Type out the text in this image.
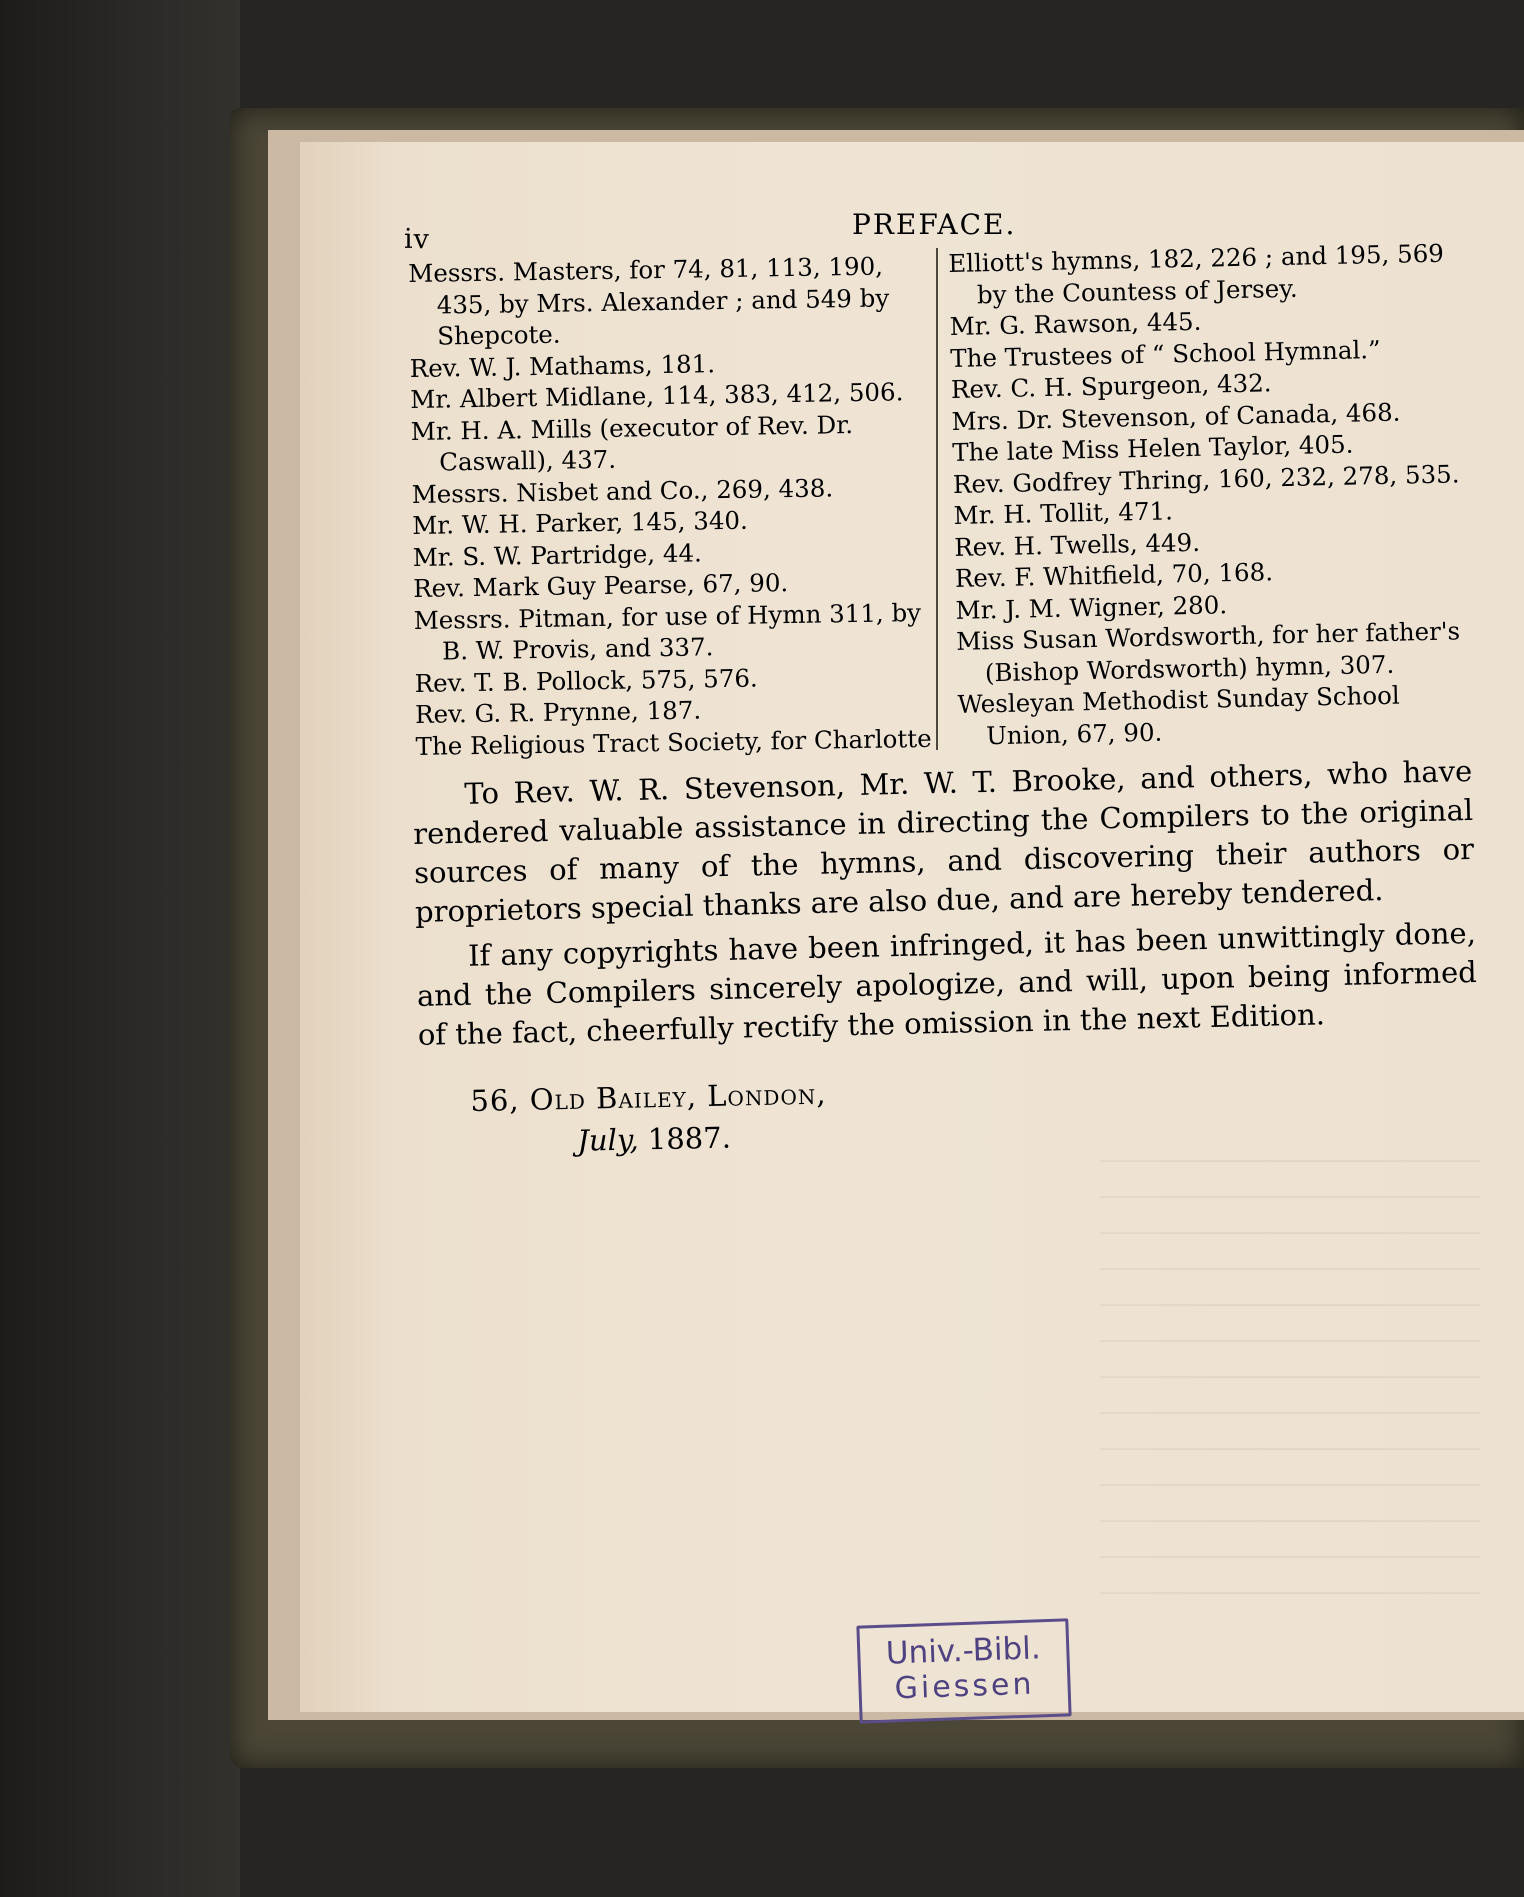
iv	PREFACE.
Messrs. Masters, for 74, 81, 113, 190, 435, by Mrs. Alexander ; and 549 by Shepcote.
Rev. W. J. Mathams, 181.
Mr. Albert Midlane, 114, 383, 412, 506.
Mr. H. A. Mills (executor of Rev. Dr. Caswall), 437.
Messrs. Nisbet and Co., 269, 438.
Mr. W. H. Parker, 145, 340.
Mr. S. W. Partridge, 44.
Rev. Mark Guy Pearse, 67, 90.
Messrs. Pitman, for use of Hymn 311, by B. W. Provis, and 337.
Rev. T. B. Pollock, 575, 576.
Rev. G. R. Prynne, 187.
The Religious Tract Society, for Charlotte
Elliott's hymns, 182, 226 ; and 195, 569 by the Countess of Jersey.
Mr. G. Rawson, 445.
The Trustees of “ School Hymnal.”
Rev. C. H. Spurgeon, 432.
Mrs. Dr. Stevenson, of Canada, 468.
The late Miss Helen Taylor, 405.
Rev. Godfrey Thring, 160, 232, 278, 535.
Mr. H. Tollit, 471.
Rev. H. Twells, 449.
Rev. F. Whitfield, 70, 168.
Mr. J. M. Wigner, 280.
Miss Susan Wordsworth, for her father's (Bishop Wordsworth) hymn, 307.
Wesleyan Methodist Sunday School Union, 67, 90.

To Rev. W. R. Stevenson, Mr. W. T. Brooke, and others, who have rendered valuable assistance in directing the Compilers to the original sources of many of the hymns, and discovering their authors or proprietors special thanks are also due, and are hereby tendered.

If any copyrights have been infringed, it has been unwittingly done, and the Compilers sincerely apologize, and will, upon being informed of the fact, cheerfully rectify the omission in the next Edition.

56, Old Bailey, London,
July, 1887.
Univ.-Bibl.
Giessen
